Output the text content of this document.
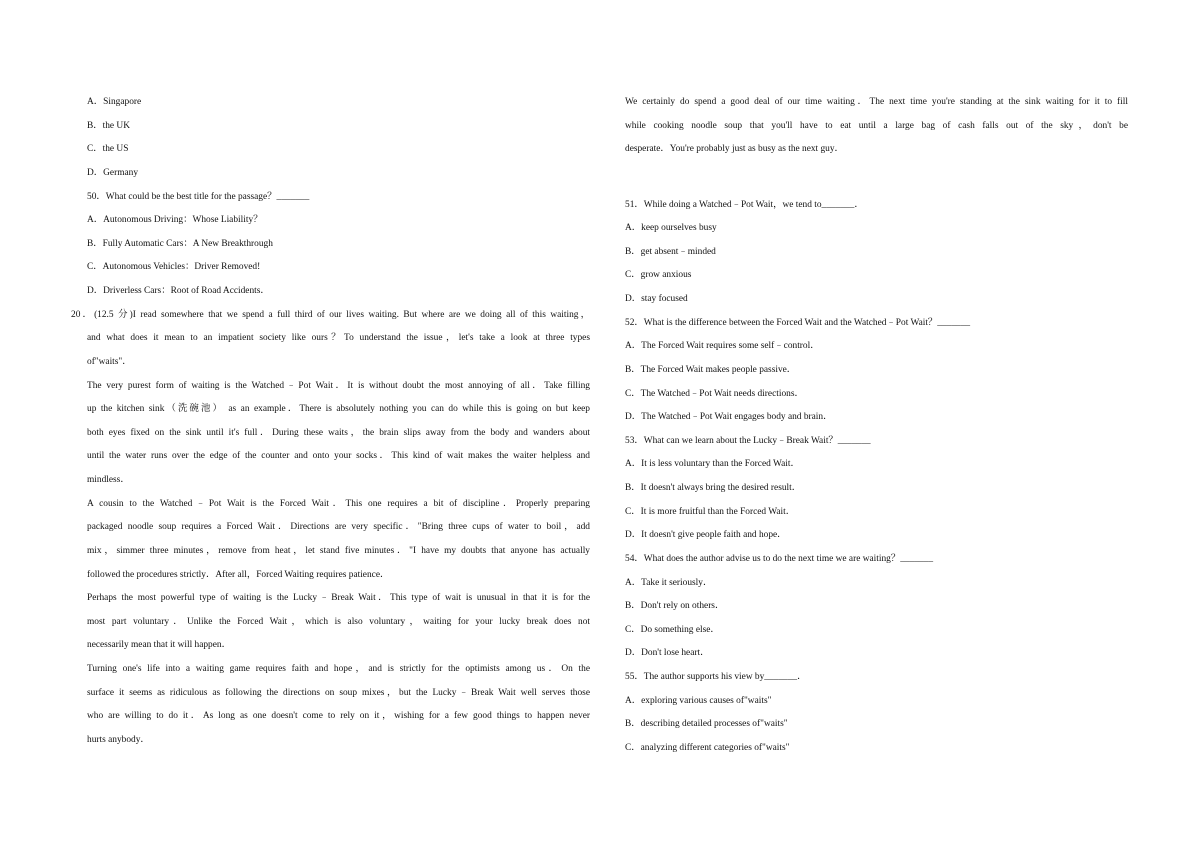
A．Singapore
B．the UK
C．the US
D．Germany
50．What could be the best title for the passage？_______
A．Autonomous Driving：Whose Liability？
B．Fully Automatic Cars：A New Breakthrough
C．Autonomous Vehicles：Driver Removed!
D．Driverless Cars：Root of Road Accidents．
20．(12.5 分)I read somewhere that we spend a full third of our lives waiting. But where are we doing all of this waiting，
and what does it mean to an impatient society like ours？To understand the issue，let's take a look at three types
of"waits"．
The very purest form of waiting is the Watched﹣Pot Wait．It is without doubt the most annoying of all．Take filling
up the kitchen sink（洗碗池） as an example．There is absolutely nothing you can do while this is going on but keep
both eyes fixed on the sink until it's full．During these waits，the brain slips away from the body and wanders about
until the water runs over the edge of the counter and onto your socks．This kind of wait makes the waiter helpless and
mindless．
A cousin to the Watched﹣Pot Wait is the Forced Wait．This one requires a bit of discipline．Properly preparing
packaged noodle soup requires a Forced Wait．Directions are very specific．"Bring three cups of water to boil，add
mix，simmer three minutes，remove from heat，let stand five minutes．"I have my doubts that anyone has actually
followed the procedures strictly．After all，Forced Waiting requires patience．
Perhaps the most powerful type of waiting is the Lucky﹣Break Wait．This type of wait is unusual in that it is for the
most part voluntary．Unlike the Forced Wait，which is also voluntary，waiting for your lucky break does not
necessarily mean that it will happen．
Turning one's life into a waiting game requires faith and hope，and is strictly for the optimists among us．On the
surface it seems as ridiculous as following the directions on soup mixes，but the Lucky﹣Break Wait well serves those
who are willing to do it．As long as one doesn't come to rely on it，wishing for a few good things to happen never
hurts anybody．
We certainly do spend a good deal of our time waiting．The next time you're standing at the sink waiting for it to fill
while cooking noodle soup that you'll have to eat until a large bag of cash falls out of the sky，don't be
desperate．You're probably just as busy as the next guy．
51．While doing a Watched﹣Pot Wait，we tend to_______．
A．keep ourselves busy
B．get absent﹣minded
C．grow anxious
D．stay focused
52．What is the difference between the Forced Wait and the Watched﹣Pot Wait？_______
A．The Forced Wait requires some self﹣control．
B．The Forced Wait makes people passive．
C．The Watched﹣Pot Wait needs directions．
D．The Watched﹣Pot Wait engages body and brain．
53．What can we learn about the Lucky﹣Break Wait？_______
A．It is less voluntary than the Forced Wait．
B．It doesn't always bring the desired result．
C．It is more fruitful than the Forced Wait．
D．It doesn't give people faith and hope．
54．What does the author advise us to do the next time we are waiting？_______
A．Take it seriously．
B．Don't rely on others．
C．Do something else．
D．Don't lose heart．
55．The author supports his view by_______．
A．exploring various causes of"waits"
B．describing detailed processes of"waits"
C．analyzing different categories of"waits"
